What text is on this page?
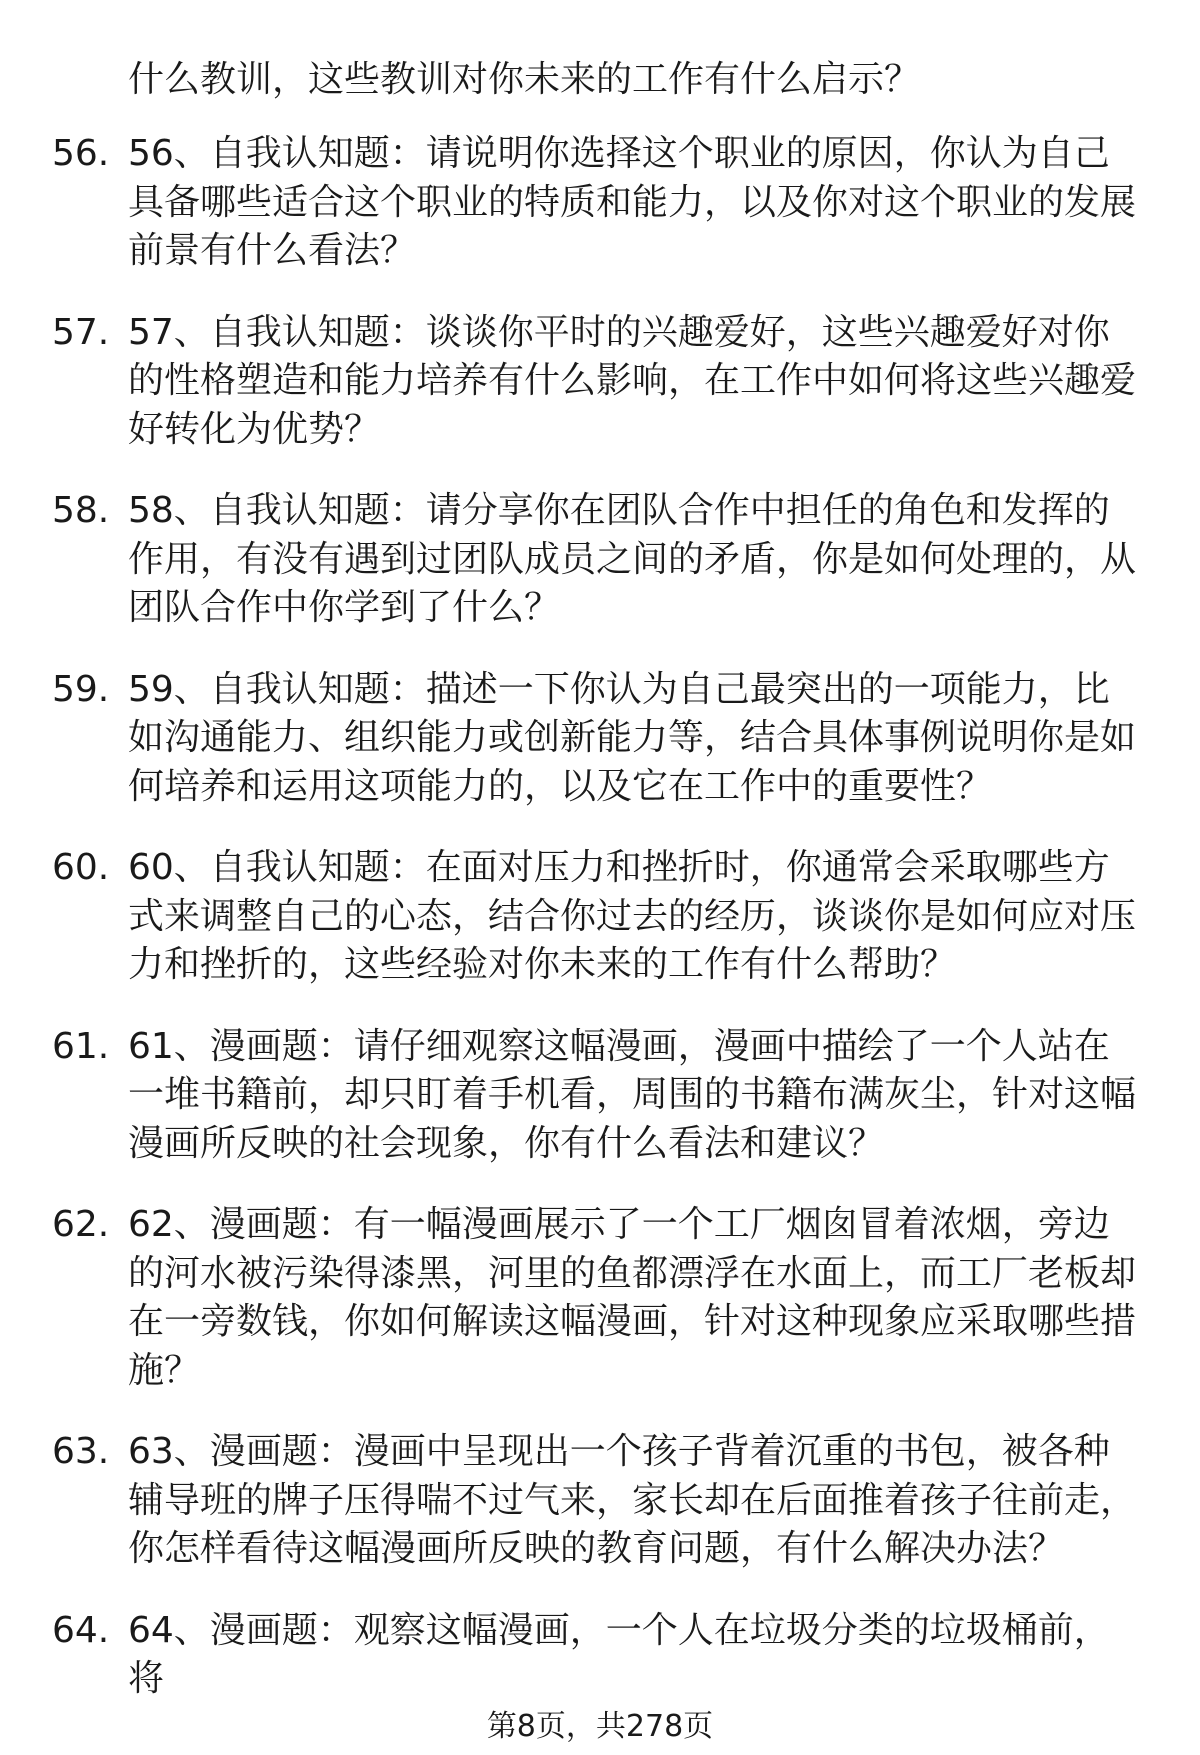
什么教训，这些教训对你未来的工作有什么启示？
56. 56、自我认知题：请说明你选择这个职业的原因，你认为自己具备哪些适合这个职业的特质和能力，以及你对这个职业的发展前景有什么看法？
57. 57、自我认知题：谈谈你平时的兴趣爱好，这些兴趣爱好对你的性格塑造和能力培养有什么影响，在工作中如何将这些兴趣爱好转化为优势？
58. 58、自我认知题：请分享你在团队合作中担任的角色和发挥的作用，有没有遇到过团队成员之间的矛盾，你是如何处理的，从团队合作中你学到了什么？
59. 59、自我认知题：描述一下你认为自己最突出的一项能力，比如沟通能力、组织能力或创新能力等，结合具体事例说明你是如何培养和运用这项能力的，以及它在工作中的重要性？
60. 60、自我认知题：在面对压力和挫折时，你通常会采取哪些方式来调整自己的心态，结合你过去的经历，谈谈你是如何应对压力和挫折的，这些经验对你未来的工作有什么帮助？
61. 61、漫画题：请仔细观察这幅漫画，漫画中描绘了一个人站在一堆书籍前，却只盯着手机看，周围的书籍布满灰尘，针对这幅漫画所反映的社会现象，你有什么看法和建议？
62. 62、漫画题：有一幅漫画展示了一个工厂烟囱冒着浓烟，旁边的河水被污染得漆黑，河里的鱼都漂浮在水面上，而工厂老板却在一旁数钱，你如何解读这幅漫画，针对这种现象应采取哪些措施？
63. 63、漫画题：漫画中呈现出一个孩子背着沉重的书包，被各种辅导班的牌子压得喘不过气来，家长却在后面推着孩子往前走，你怎样看待这幅漫画所反映的教育问题，有什么解决办法？
64. 64、漫画题：观察这幅漫画，一个人在垃圾分类的垃圾桶前，将
第8页，共278页
